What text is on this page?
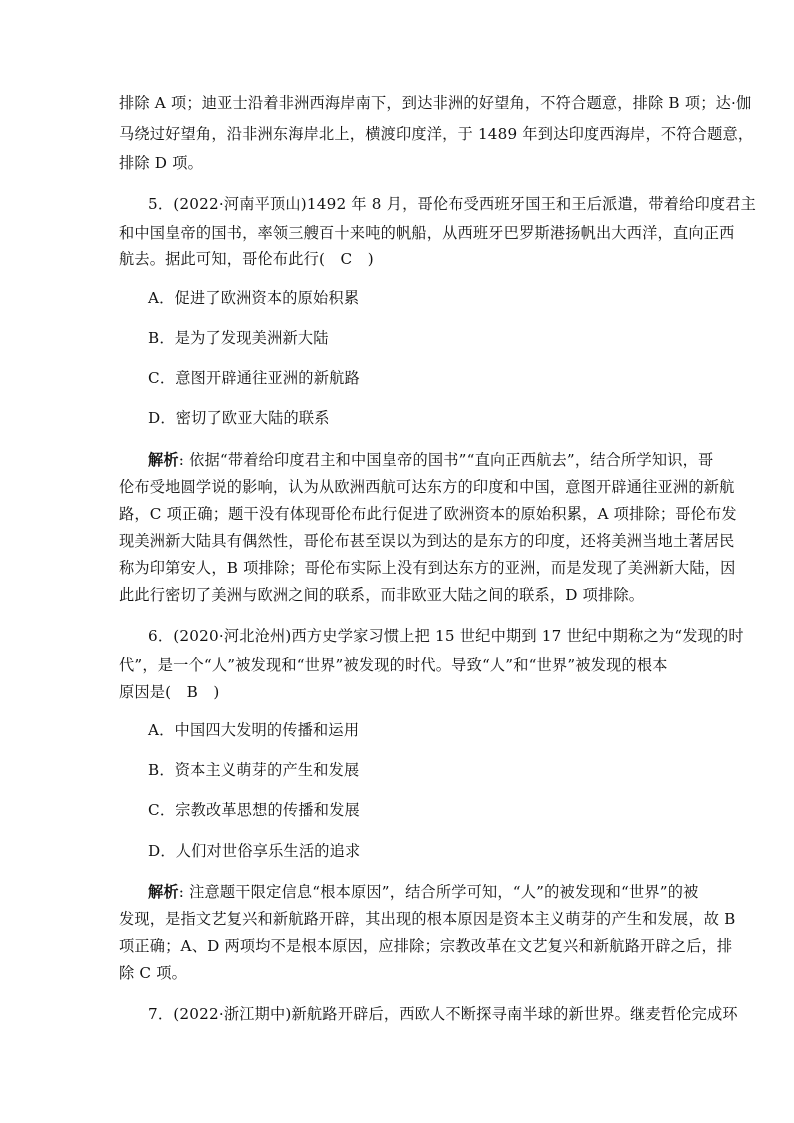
排除 A 项；迪亚士沿着非洲西海岸南下，到达非洲的好望角，不符合题意，排除 B 项；达·伽
马绕过好望角，沿非洲东海岸北上，横渡印度洋，于 1489 年到达印度西海岸，不符合题意，
排除 D 项。
5．(2022·河南平顶山)1492 年 8 月，哥伦布受西班牙国王和王后派遣，带着给印度君主
和中国皇帝的国书，率领三艘百十来吨的帆船，从西班牙巴罗斯港扬帆出大西洋，直向正西
航去。据此可知，哥伦布此行(　C　)
A．促进了欧洲资本的原始积累
B．是为了发现美洲新大陆
C．意图开辟通往亚洲的新航路
D．密切了欧亚大陆的联系
解析: 依据“带着给印度君主和中国皇帝的国书”“直向正西航去”，结合所学知识，哥
伦布受地圆学说的影响，认为从欧洲西航可达东方的印度和中国，意图开辟通往亚洲的新航
路，C 项正确；题干没有体现哥伦布此行促进了欧洲资本的原始积累，A 项排除；哥伦布发
现美洲新大陆具有偶然性，哥伦布甚至误以为到达的是东方的印度，还将美洲当地土著居民
称为印第安人，B 项排除；哥伦布实际上没有到达东方的亚洲，而是发现了美洲新大陆，因
此此行密切了美洲与欧洲之间的联系，而非欧亚大陆之间的联系，D 项排除。
6．(2020·河北沧州)西方史学家习惯上把 15 世纪中期到 17 世纪中期称之为“发现的时
代”，是一个“人”被发现和“世界”被发现的时代。导致“人”和“世界”被发现的根本
原因是(　B　)
A．中国四大发明的传播和运用
B．资本主义萌芽的产生和发展
C．宗教改革思想的传播和发展
D．人们对世俗享乐生活的追求
解析: 注意题干限定信息“根本原因”，结合所学可知，“人”的被发现和“世界”的被
发现，是指文艺复兴和新航路开辟，其出现的根本原因是资本主义萌芽的产生和发展，故 B
项正确；A、D 两项均不是根本原因，应排除；宗教改革在文艺复兴和新航路开辟之后，排
除 C 项。
7．(2022·浙江期中)新航路开辟后，西欧人不断探寻南半球的新世界。继麦哲伦完成环
